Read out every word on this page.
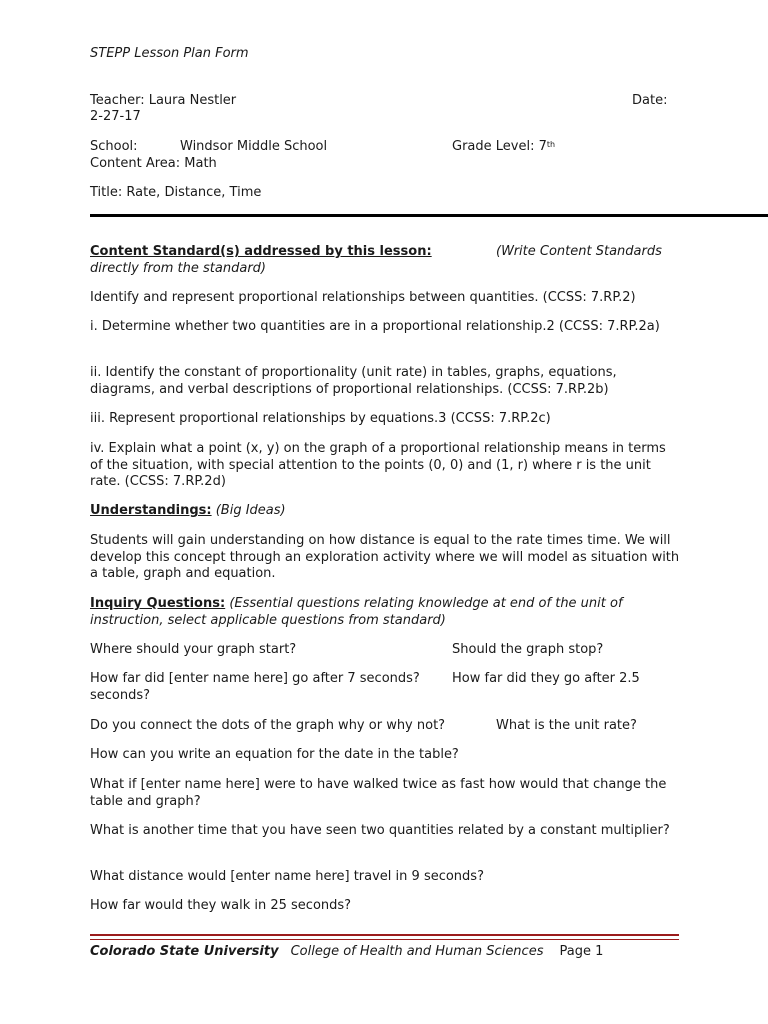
STEPP Lesson Plan Form
Teacher: Laura Nestler	Date:
2-27-17
School:	Windsor Middle School	Grade Level: 7th
Content Area: Math
Title: Rate, Distance, Time
Content Standard(s) addressed by this lesson:	(Write Content Standards
directly from the standard)
Identify and represent proportional relationships between quantities. (CCSS: 7.RP.2)
i. Determine whether two quantities are in a proportional relationship.2 (CCSS: 7.RP.2a)
ii. Identify the constant of proportionality (unit rate) in tables, graphs, equations, diagrams, and verbal descriptions of proportional relationships. (CCSS: 7.RP.2b)
iii. Represent proportional relationships by equations.3 (CCSS: 7.RP.2c)
iv. Explain what a point (x, y) on the graph of a proportional relationship means in terms of the situation, with special attention to the points (0, 0) and (1, r) where r is the unit rate. (CCSS: 7.RP.2d)
Understandings: (Big Ideas)
Students will gain understanding on how distance is equal to the rate times time. We will develop this concept through an exploration activity where we will model as situation with a table, graph and equation.
Inquiry Questions: (Essential questions relating knowledge at end of the unit of instruction, select applicable questions from standard)
Where should your graph start?	Should the graph stop?
How far did [enter name here] go after 7 seconds? How far did they go after 2.5
seconds?
Do you connect the dots of the graph why or why not?	What is the unit rate?
How can you write an equation for the date in the table?
What if [enter name here] were to have walked twice as fast how would that change the table and graph?
What is another time that you have seen two quantities related by a constant multiplier?
What distance would [enter name here] travel in 9 seconds?
How far would they walk in 25 seconds?
Colorado State University College of Health and Human Sciences Page 1
